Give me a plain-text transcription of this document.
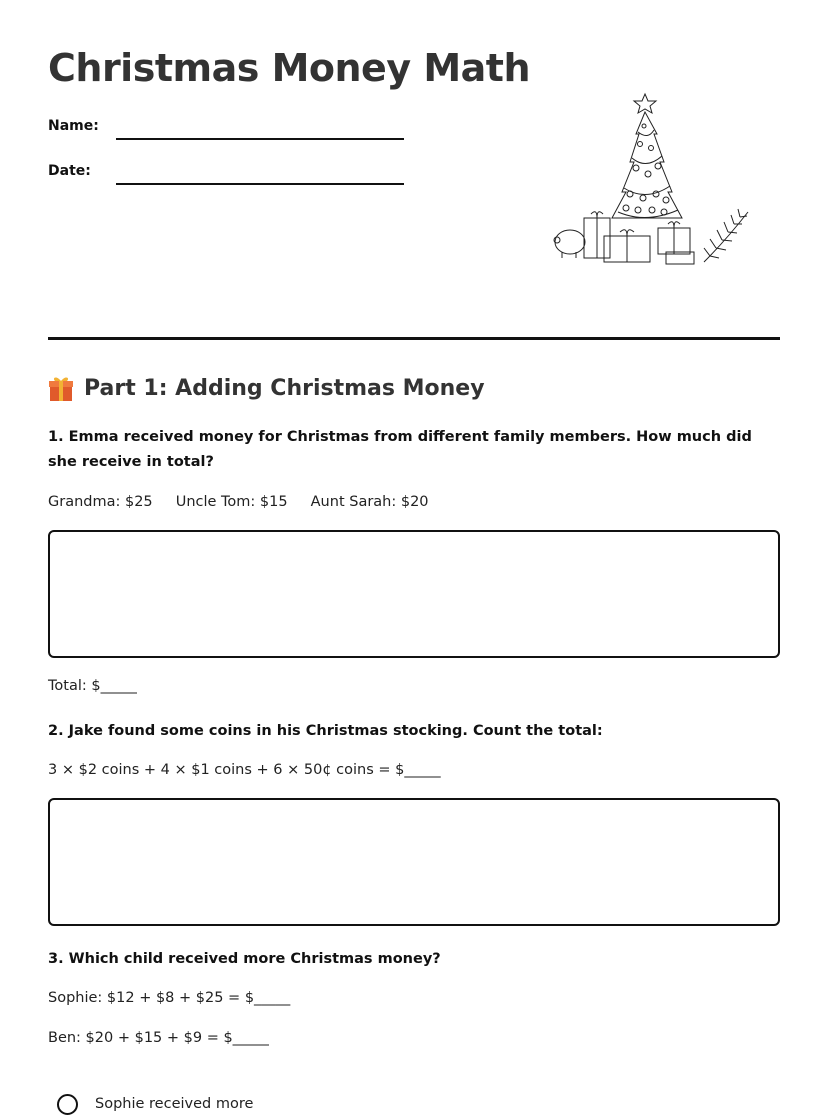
Christmas Money Math
Name:
Date:
Part 1: Adding Christmas Money
1. Emma received money for Christmas from different family members. How much did she receive in total?
Grandma: $25     Uncle Tom: $15     Aunt Sarah: $20
Total: $_____
2. Jake found some coins in his Christmas stocking. Count the total:
3 × $2 coins + 4 × $1 coins + 6 × 50¢ coins = $_____
3. Which child received more Christmas money?
Sophie: $12 + $8 + $25 = $_____
Ben: $20 + $15 + $9 = $_____
Sophie received more
